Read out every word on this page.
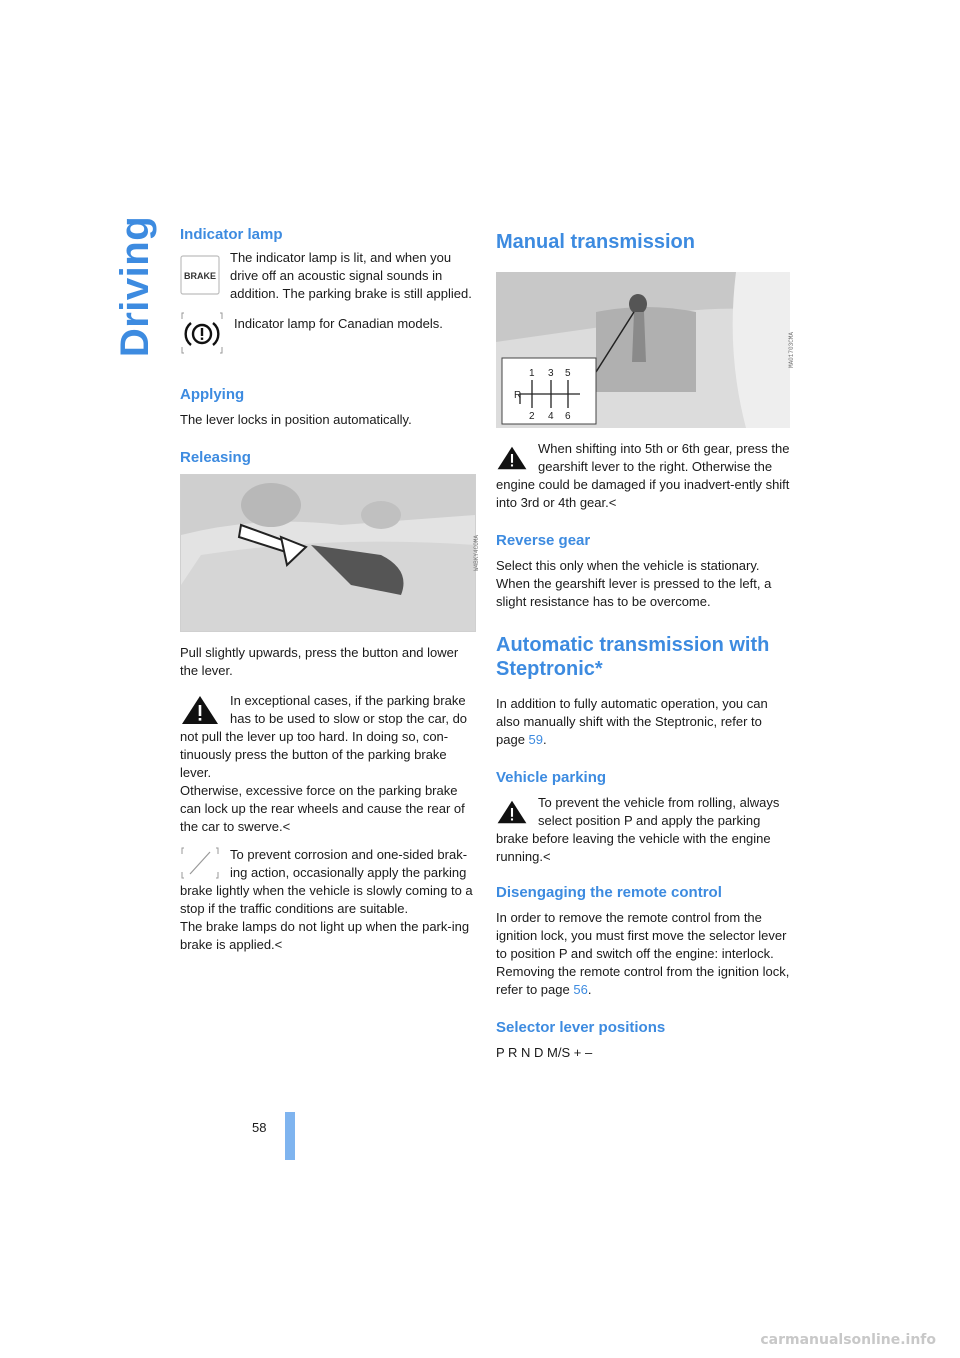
Driving Indicator lamp
BRAKE

The indicator lamp is lit, and when you drive off an acoustic signal sounds in addition. The parking brake is still applied.

Indicator lamp for Canadian models.

Applying

The lever locks in position automatically.

Releasing
W4BKY4COMA

Pull slightly upwards, press the button and lower the lever.

In exceptional cases, if the parking brake has to be used to slow or stop the car, do not pull the lever up too hard. In doing so, con-tinuously press the button of the parking brake lever.

Otherwise, excessive force on the parking brake can lock up the rear wheels and cause the rear of the car to swerve.<

To prevent corrosion and one-sided brak-ing action, occasionally apply the parking brake lightly when the vehicle is slowly coming to a stop if the traffic conditions are suitable.

The brake lamps do not light up when the park-ing brake is applied.<

Manual transmission
R
1 3 5
2 4 6
MA01703CMA

When shifting into 5th or 6th gear, press the gearshift lever to the right. Otherwise the engine could be damaged if you inadvert-ently shift into 3rd or 4th gear.<

Reverse gear

Select this only when the vehicle is stationary. When the gearshift lever is pressed to the left, a slight resistance has to be overcome.

Automatic transmission with Steptronic*

In addition to fully automatic operation, you can also manually shift with the Steptronic, refer to page 59.

Vehicle parking

To prevent the vehicle from rolling, always select position P and apply the parking brake before leaving the vehicle with the engine running.<

Disengaging the remote control

In order to remove the remote control from the ignition lock, you must first move the selector lever to position P and switch off the engine: interlock. Removing the remote control from the ignition lock, refer to page 56.

Selector lever positions

P R N D M/S + –

58
carmanualsonline.info
